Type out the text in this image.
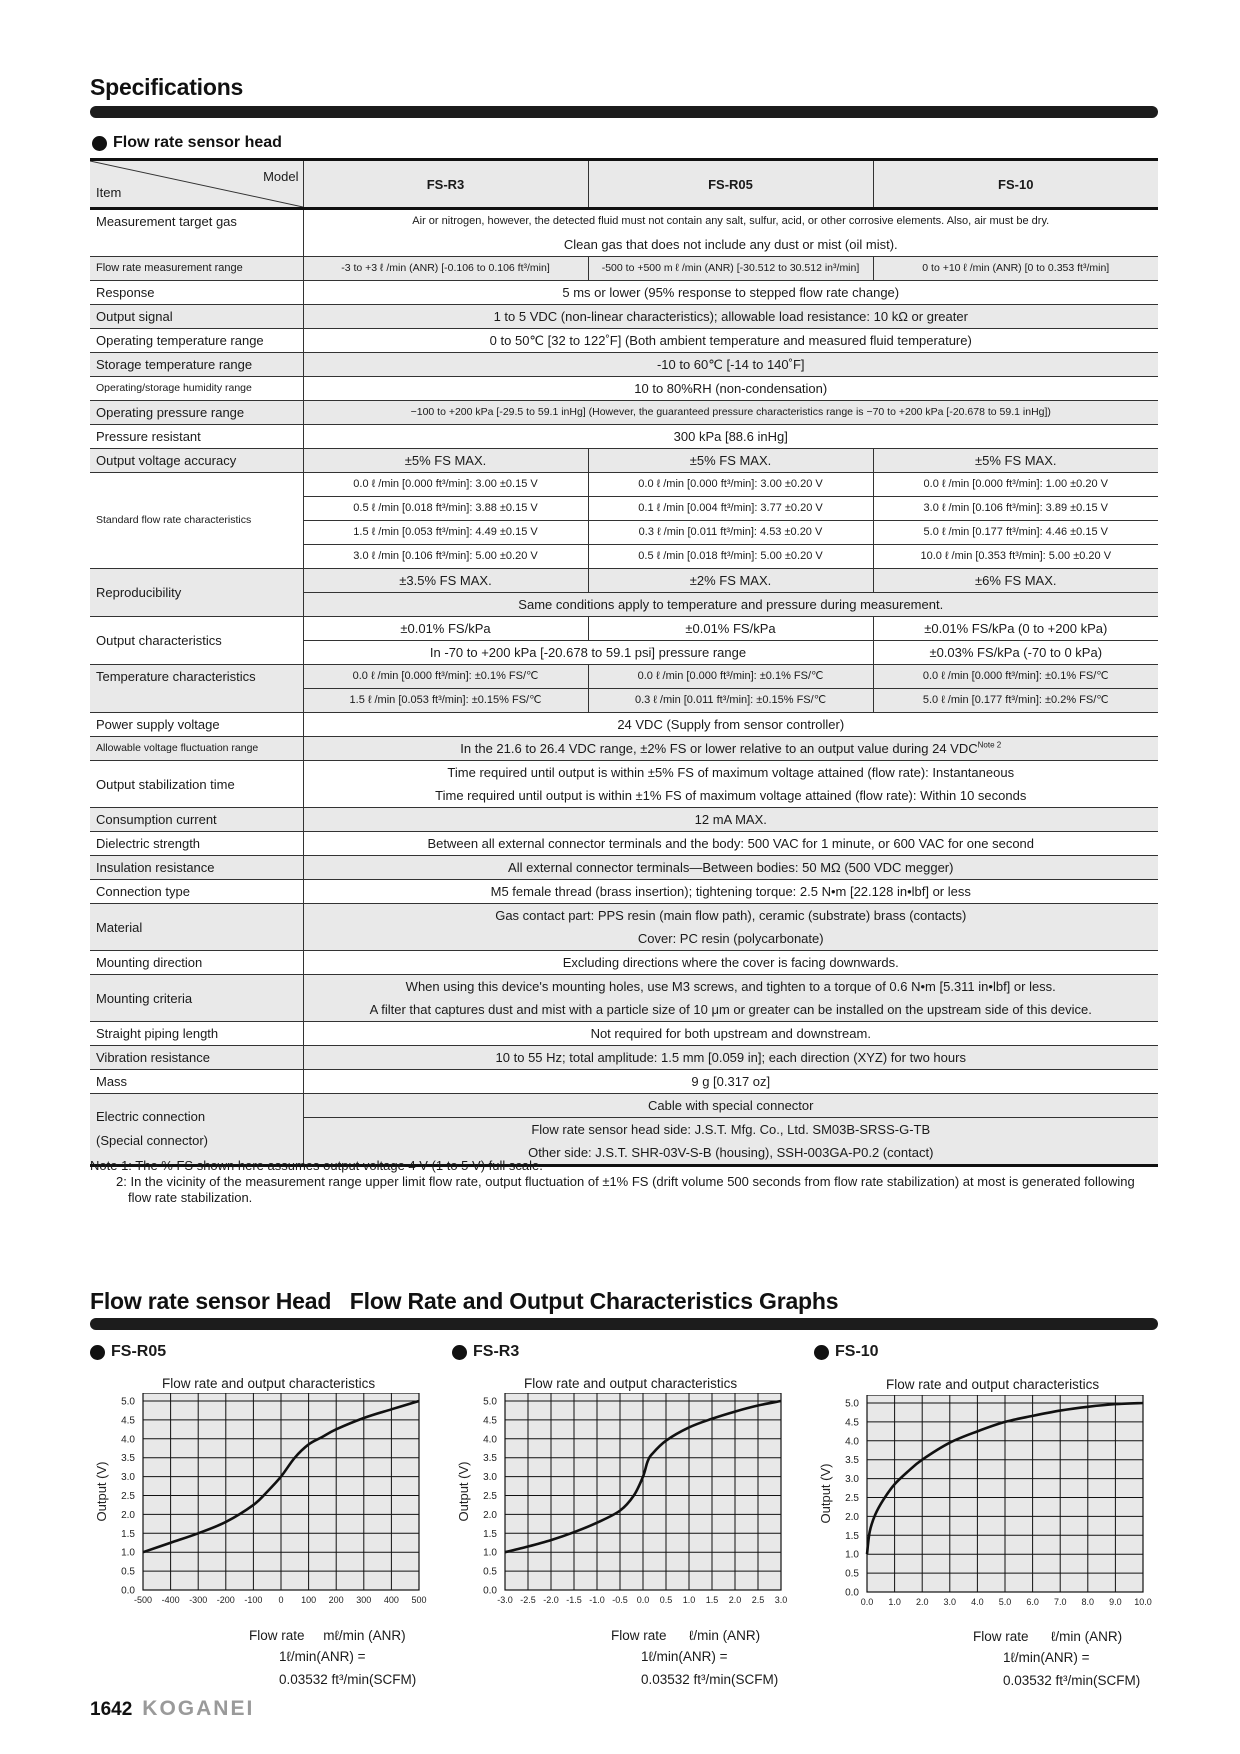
Specifications
Flow rate sensor head
Model
Item	FS-R3	FS-R05	FS-10
Measurement target gas	Air or nitrogen, however, the detected fluid must not contain any salt, sulfur, acid, or other corrosive elements. Also, air must be dry.		
	Clean gas that does not include any dust or mist (oil mist).		
Flow rate measurement range	-3 to +3 ℓ /min (ANR) [-0.106 to 0.106 ft³/min]	-500 to +500 m ℓ /min (ANR) [-30.512 to 30.512 in³/min]	0 to +10 ℓ /min (ANR) [0 to 0.353 ft³/min]
Response	5 ms or lower (95% response to stepped flow rate change)		
Output signal	1 to 5 VDC (non-linear characteristics); allowable load resistance: 10 kΩ or greater		
Operating temperature range	0 to 50℃ [32 to 122˚F] (Both ambient temperature and measured fluid temperature)		
Storage temperature range	-10 to 60℃ [-14 to 140˚F]		
Operating/storage humidity range	10 to 80%RH (non-condensation)		
Operating pressure range	−100 to +200 kPa [-29.5 to 59.1 inHg] (However, the guaranteed pressure characteristics range is −70 to +200 kPa [-20.678 to 59.1 inHg])		
Pressure resistant	300 kPa [88.6 inHg]		
Output voltage accuracy	±5% FS MAX.	±5% FS MAX.	±5% FS MAX.
Standard flow rate characteristics	0.0 ℓ /min [0.000 ft³/min]: 3.00 ±0.15 V	0.0 ℓ /min [0.000 ft³/min]: 3.00 ±0.20 V	0.0 ℓ /min [0.000 ft³/min]: 1.00 ±0.20 V
	0.5 ℓ /min [0.018 ft³/min]: 3.88 ±0.15 V	0.1 ℓ /min [0.004 ft³/min]: 3.77 ±0.20 V	3.0 ℓ /min [0.106 ft³/min]: 3.89 ±0.15 V
	1.5 ℓ /min [0.053 ft³/min]: 4.49 ±0.15 V	0.3 ℓ /min [0.011 ft³/min]: 4.53 ±0.20 V	5.0 ℓ /min [0.177 ft³/min]: 4.46 ±0.15 V
	3.0 ℓ /min [0.106 ft³/min]: 5.00 ±0.20 V	0.5 ℓ /min [0.018 ft³/min]: 5.00 ±0.20 V	10.0 ℓ /min [0.353 ft³/min]: 5.00 ±0.20 V
Reproducibility	±3.5% FS MAX.	±2% FS MAX.	±6% FS MAX.
	Same conditions apply to temperature and pressure during measurement.		
Output characteristics	±0.01% FS/kPa	±0.01% FS/kPa	±0.01% FS/kPa (0 to +200 kPa)
	In -70 to +200 kPa [-20.678 to 59.1 psi] pressure range		±0.03% FS/kPa (-70 to 0 kPa)
Temperature characteristics	0.0 ℓ /min [0.000 ft³/min]: ±0.1% FS/℃	0.0 ℓ /min [0.000 ft³/min]: ±0.1% FS/℃	0.0 ℓ /min [0.000 ft³/min]: ±0.1% FS/℃
	1.5 ℓ /min [0.053 ft³/min]: ±0.15% FS/℃	0.3 ℓ /min [0.011 ft³/min]: ±0.15% FS/℃	5.0 ℓ /min [0.177 ft³/min]: ±0.2% FS/℃
Power supply voltage	24 VDC (Supply from sensor controller)		
Allowable voltage fluctuation range	In the 21.6 to 26.4 VDC range, ±2% FS or lower relative to an output value during 24 $VDC^{Note 2}$
Output stabilization time	Time required until output is within ±5% FS of maximum voltage attained (flow rate): Instantaneous		
	Time required until output is within ±1% FS of maximum voltage attained (flow rate): Within 10 seconds		
Consumption current	12 mA MAX.		
Dielectric strength	Between all external connector terminals and the body: 500 VAC for 1 minute, or 600 VAC for one second		
Insulation resistance	All external connector terminals—Between bodies: 50 MΩ (500 VDC megger)		
Connection type	M5 female thread (brass insertion); tightening torque: 2.5 N•m [22.128 in•lbf] or less		
Material	Gas contact part: PPS resin (main flow path), ceramic (substrate) brass (contacts)		
	Cover: PC resin (polycarbonate)		
Mounting direction	Excluding directions where the cover is facing downwards.		
Mounting criteria	When using this device's mounting holes, use M3 screws, and tighten to a torque of 0.6 N•m [5.311 in•lbf] or less.		
	A filter that captures dust and mist with a particle size of 10 μm or greater can be installed on the upstream side of this device.		
Straight piping length	Not required for both upstream and downstream.		
Vibration resistance	10 to 55 Hz; total amplitude: 1.5 mm [0.059 in]; each direction (XYZ) for two hours		
Mass	9 g [0.317 oz]		

Electric connection
(Special connector)	Cable with special connector		
	Flow rate sensor head side: J.S.T. Mfg. Co., Ltd. SM03B-SRSS-G-TB		
	Other side: J.S.T. SHR-03V-S-B (housing), SSH-003GA-P0.2 (contact)		
Note 1: The % FS shown here assumes output voltage 4 V (1 to 5 V) full scale.
2: In the vicinity of the measurement range upper limit flow rate, output fluctuation of ±1% FS (drift volume 500 seconds from flow rate stabilization) at most is generated following flow rate stabilization.
Flow rate sensor Head   Flow Rate and Output Characteristics Graphs
FS-R05
Flow rate and output characteristics
-500 -400 -300 -200 -100 0 100 200 300 400 500
0.0
0.5
1.0
1.5
2.0
2.5
3.0
3.5
4.0
4.5
5.0
Output (V)
Flow rate     mℓ/min (ANR)
1ℓ/min(ANR) =
0.03532 ft³/min(SCFM)
FS-R3
Flow rate and output characteristics
-3.0 -2.5 -2.0 -1.5 -1.0 -0.5 0.0 0.5 1.0 1.5 2.0 2.5 3.0
0.0
0.5
1.0
1.5
2.0
2.5
3.0
3.5
4.0
4.5
5.0
Output (V)
Flow rate      ℓ/min (ANR)
1ℓ/min(ANR) =
0.03532 ft³/min(SCFM)
FS-10
Flow rate and output characteristics
0.0 1.0 2.0 3.0 4.0 5.0 6.0 7.0 8.0 9.0 10.0
0.0
0.5
1.0
1.5
2.0
2.5
3.0
3.5
4.0
4.5
5.0
Output (V)
Flow rate      ℓ/min (ANR)
1ℓ/min(ANR) =
0.03532 ft³/min(SCFM)
1642 KOGANEI
